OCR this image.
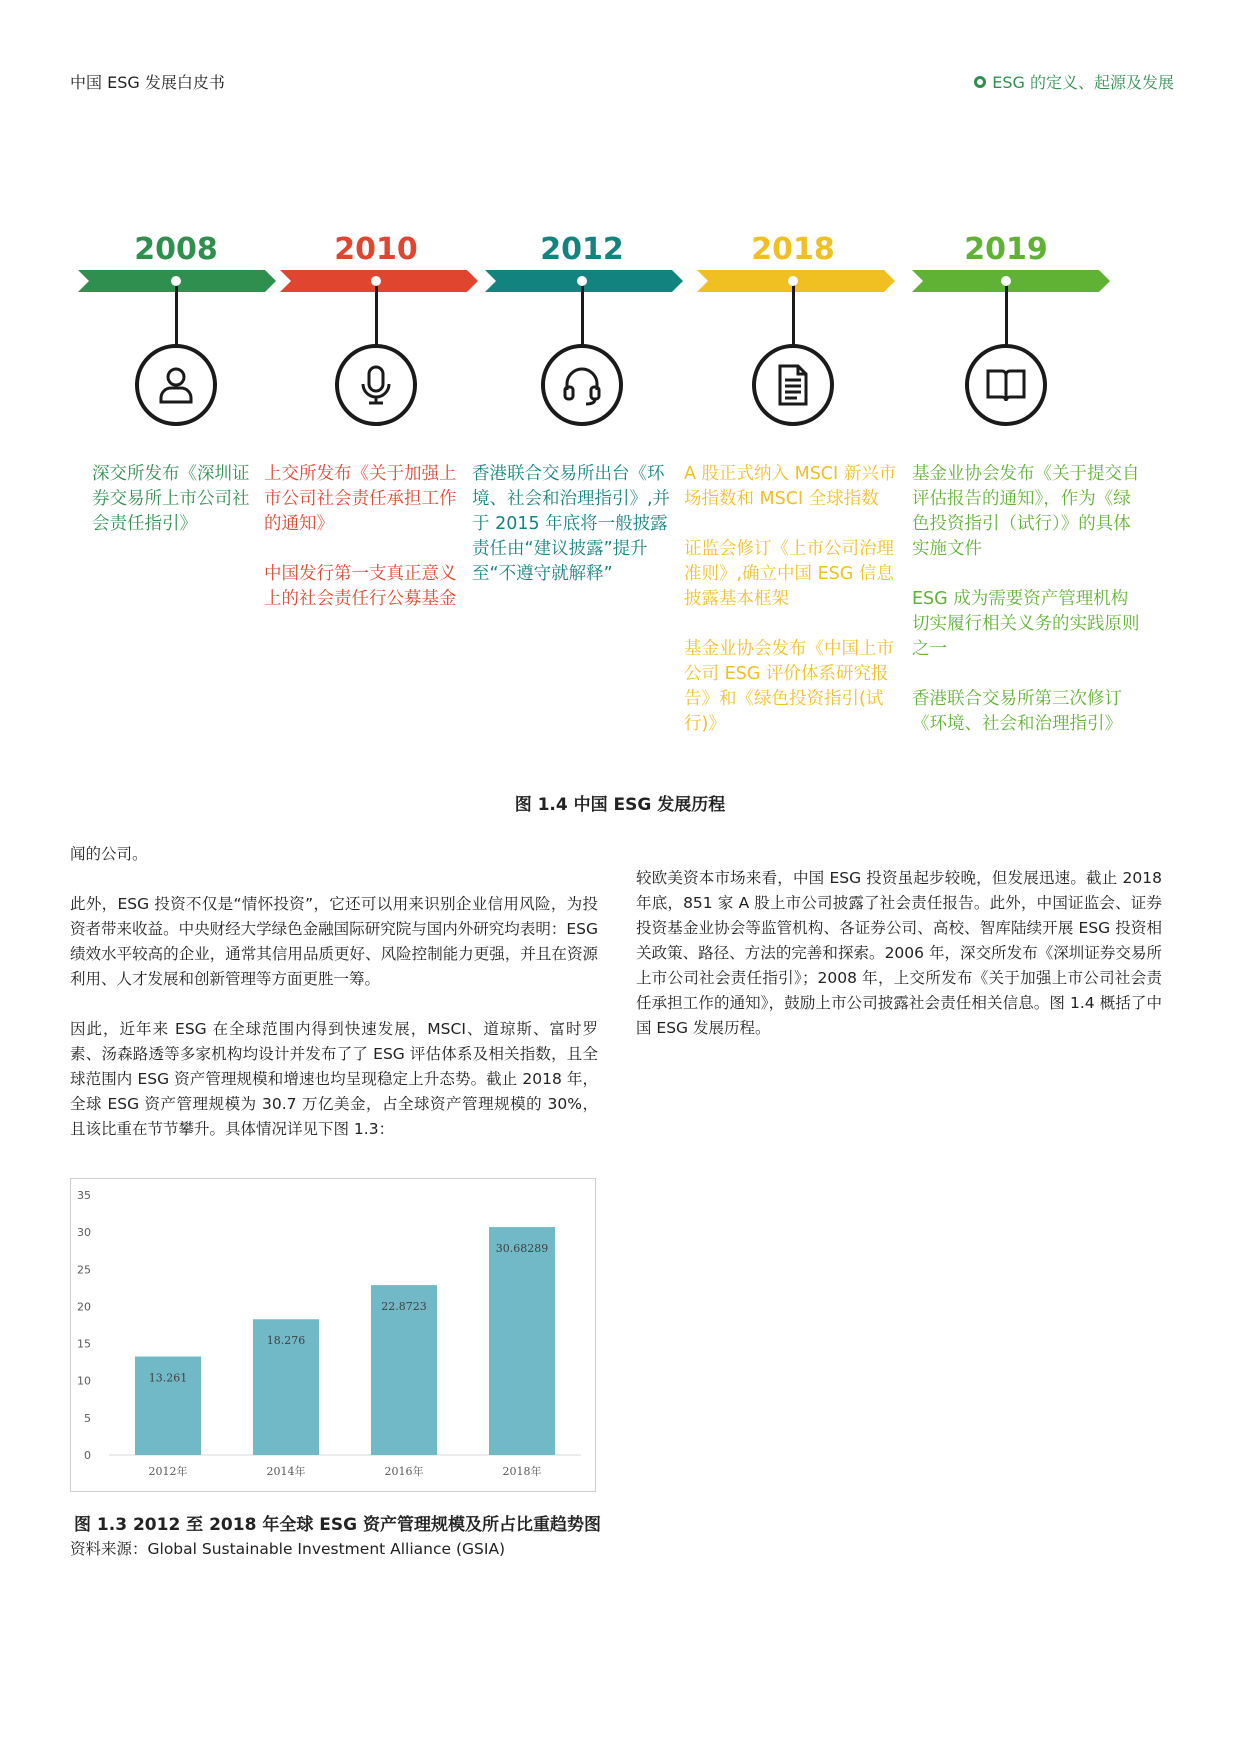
中国 ESG 发展白皮书	ESG 的定义、起源及发展
2008

深交所发布《深圳证券交易所上市公司社会责任指引》

2010

上交所发布《关于加强上市公司社会责任承担工作的通知》

中国发行第一支真正意义上的社会责任行公募基金

2012

香港联合交易所出台《环境、社会和治理指引》,并于 2015 年底将一般披露责任由“建议披露”提升至“不遵守就解释”

2018

A 股正式纳入 MSCI 新兴市场指数和 MSCI 全球指数

证监会修订《上市公司治理准则》,确立中国 ESG 信息披露基本框架

基金业协会发布《中国上市公司 ESG 评价体系研究报告》和《绿色投资指引(试行)》

2019

基金业协会发布《关于提交自评估报告的通知》，作为《绿色投资指引（试行）》的具体实施文件

ESG 成为需要资产管理机构切实履行相关义务的实践原则之一

香港联合交易所第三次修订《环境、社会和治理指引》

图 1.4 中国 ESG 发展历程

闻的公司。

此外，ESG 投资不仅是“情怀投资”，它还可以用来识别企业信用风险，为投资者带来收益。中央财经大学绿色金融国际研究院与国内外研究均表明：ESG 绩效水平较高的企业，通常其信用品质更好、风险控制能力更强，并且在资源利用、人才发展和创新管理等方面更胜一筹。

因此，近年来 ESG 在全球范围内得到快速发展，MSCI、道琼斯、富时罗素、汤森路透等多家机构均设计并发布了了 ESG 评估体系及相关指数，且全球范围内 ESG 资产管理规模和增速也均呈现稳定上升态势。截止 2018 年，全球 ESG 资产管理规模为 30.7 万亿美金，占全球资产管理规模的 30%，且该比重在节节攀升。具体情况详见下图 1.3：

较欧美资本市场来看，中国 ESG 投资虽起步较晚，但发展迅速。截止 2018 年底，851 家 A 股上市公司披露了社会责任报告。此外，中国证监会、证券投资基金业协会等监管机构、各证券公司、高校、智库陆续开展 ESG 投资相关政策、路径、方法的完善和探索。2006 年，深交所发布《深圳证券交易所上市公司社会责任指引》；2008 年，上交所发布《关于加强上市公司社会责任承担工作的通知》，鼓励上市公司披露社会责任相关信息。图 1.4 概括了中国 ESG 发展历程。

0
5
10
15
20
25
30
35
13.261
2012年
18.276
2014年
22.8723
2016年
30.68289
2018年
图 1.3 2012 至 2018 年全球 ESG 资产管理规模及所占比重趋势图
资料来源：Global Sustainable Investment Alliance (GSIA)
